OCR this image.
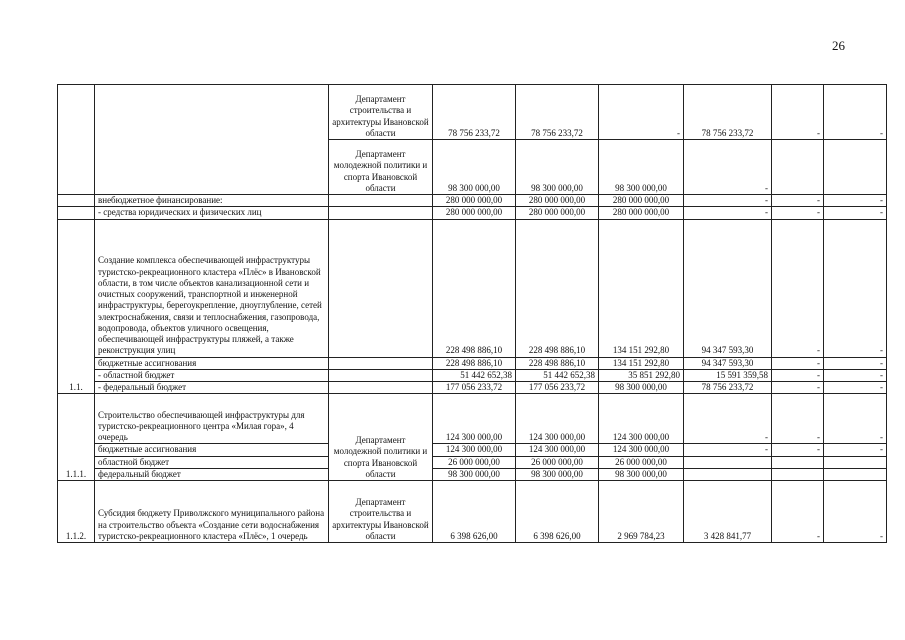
26
		Департамент строительства и архитектуры Ивановской области	78 756 233,72	78 756 233,72	-	78 756 233,72	-	-
		Департамент молодежной политики и спорта Ивановской области	98 300 000,00	98 300 000,00	98 300 000,00	-		
	внебюджетное финансирование:		280 000 000,00	280 000 000,00	280 000 000,00	-	-	-
	- средства юридических и физических лиц		280 000 000,00	280 000 000,00	280 000 000,00	-	-	-
1.1.	Создание комплекса обеспечивающей инфраструктуры туристско-рекреационного кластера «Плёс» в Ивановской области, в том числе объектов канализационной сети и очистных сооружений, транспортной и инженерной инфраструктуры, берегоукрепление, дноуглубление, сетей электроснабжения, связи и теплоснабжения, газопровода, водопровода, объектов уличного освещения, обеспечивающей инфраструктуры пляжей, а также реконструкция улиц		228 498 886,10	228 498 886,10	134 151 292,80	94 347 593,30	-	-
	бюджетные ассигнования		228 498 886,10	228 498 886,10	134 151 292,80	94 347 593,30	-	-
	- областной бюджет		51 442 652,38	51 442 652,38	35 851 292,80	15 591 359,58	-	-
	- федеральный бюджет		177 056 233,72	177 056 233,72	98 300 000,00	78 756 233,72	-	-
1.1.1.	Строительство обеспечивающей инфраструктуры для туристско-рекреационного центра «Милая гора», 4 очередь	Департамент молодежной политики и спорта Ивановской области	124 300 000,00	124 300 000,00	124 300 000,00	-	-	-
	бюджетные ассигнования		124 300 000,00	124 300 000,00	124 300 000,00	-	-	-
	областной бюджет		26 000 000,00	26 000 000,00	26 000 000,00			
	федеральный бюджет		98 300 000,00	98 300 000,00	98 300 000,00			
1.1.2.	Субсидия бюджету Приволжского муниципального района на строительство объекта «Создание сети водоснабжения туристско-рекреационного кластера «Плёс», 1 очередь	Департамент строительства и архитектуры Ивановской области	6 398 626,00	6 398 626,00	2 969 784,23	3 428 841,77	-	-
